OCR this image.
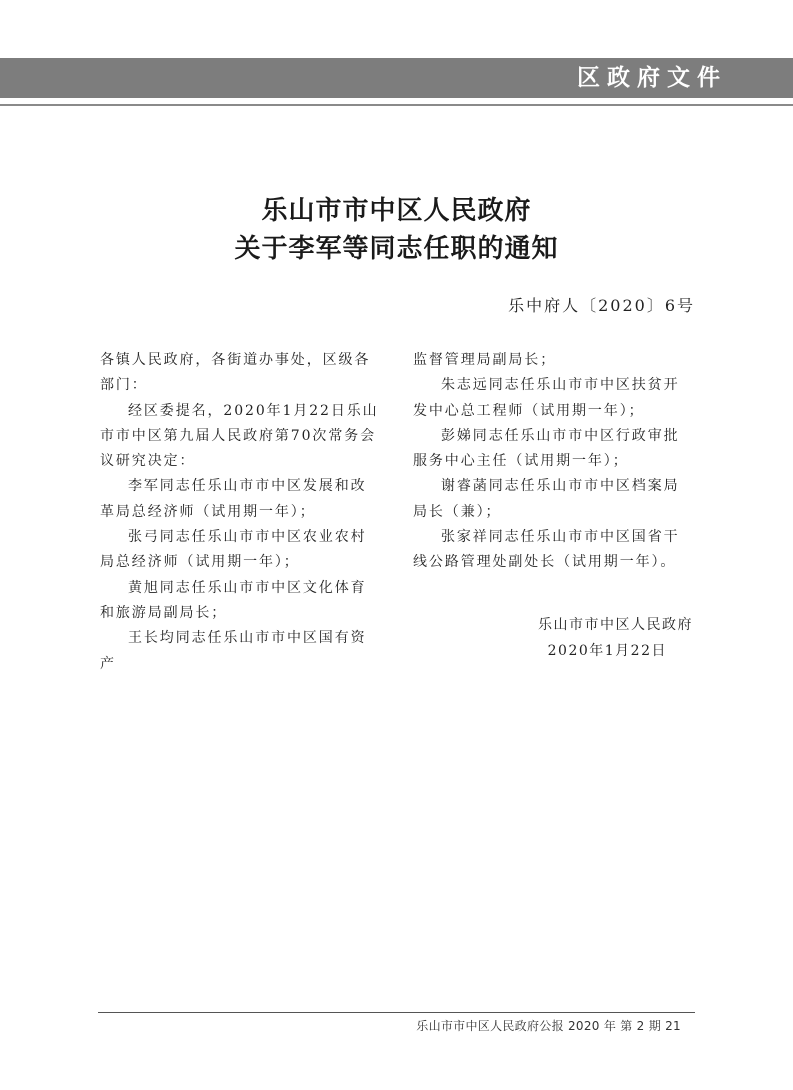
区政府文件
乐山市市中区人民政府
关于李军等同志任职的通知
乐中府人〔2020〕6号

各镇人民政府，各街道办事处，区级各部门：

经区委提名，2020年1月22日乐山市市中区第九届人民政府第70次常务会议研究决定：

李军同志任乐山市市中区发展和改革局总经济师（试用期一年）；

张弓同志任乐山市市中区农业农村局总经济师（试用期一年）；

黄旭同志任乐山市市中区文化体育和旅游局副局长；

王长均同志任乐山市市中区国有资产

监督管理局副局长；

朱志远同志任乐山市市中区扶贫开发中心总工程师（试用期一年）；

彭娣同志任乐山市市中区行政审批服务中心主任（试用期一年）；

谢睿菡同志任乐山市市中区档案局局长（兼）；

张家祥同志任乐山市市中区国省干线公路管理处副处长（试用期一年）。

乐山市市中区人民政府
2020年1月22日
乐山市市中区人民政府公报 2020 年 第 2 期 21
